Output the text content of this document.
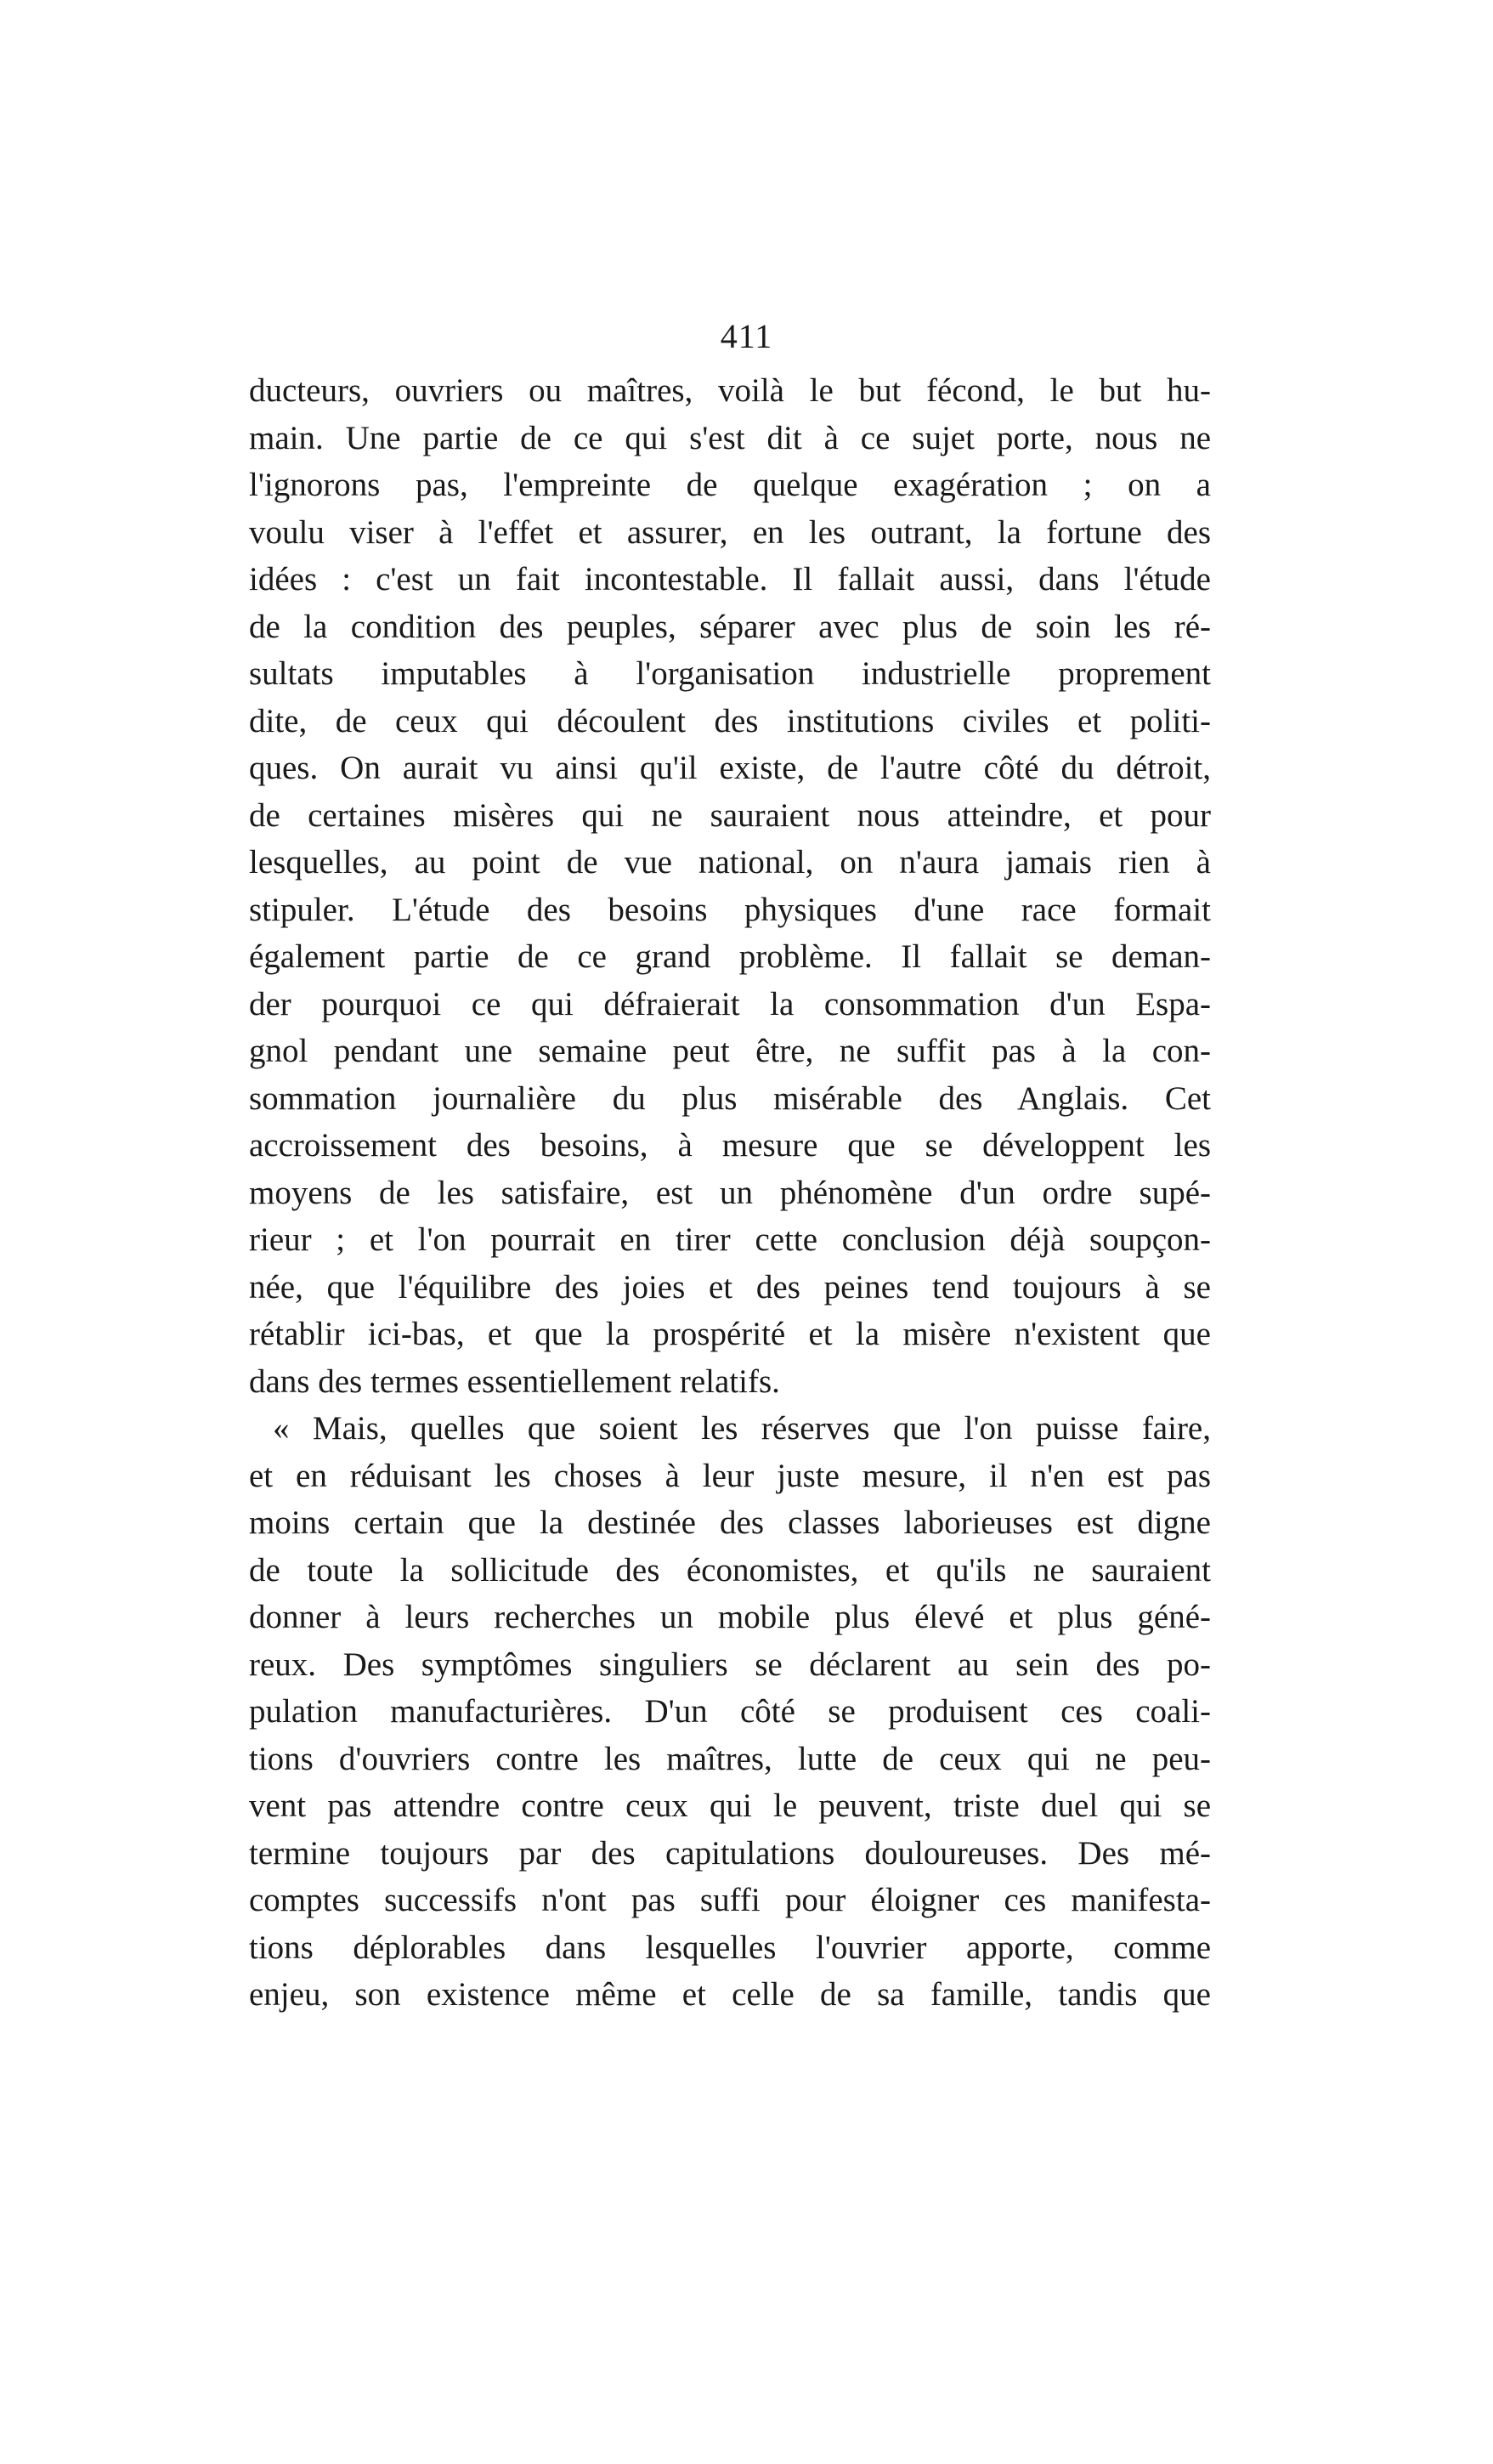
411

ducteurs, ouvriers ou maîtres, voilà le but fécond, le but hu-
main. Une partie de ce qui s'est dit à ce sujet porte, nous ne
l'ignorons pas, l'empreinte de quelque exagération ; on a
voulu viser à l'effet et assurer, en les outrant, la fortune des
idées : c'est un fait incontestable. Il fallait aussi, dans l'étude
de la condition des peuples, séparer avec plus de soin les ré-
sultats imputables à l'organisation industrielle proprement
dite, de ceux qui découlent des institutions civiles et politi-
ques. On aurait vu ainsi qu'il existe, de l'autre côté du détroit,
de certaines misères qui ne sauraient nous atteindre, et pour
lesquelles, au point de vue national, on n'aura jamais rien à
stipuler. L'étude des besoins physiques d'une race formait
également partie de ce grand problème. Il fallait se deman-
der pourquoi ce qui défraierait la consommation d'un Espa-
gnol pendant une semaine peut être, ne suffit pas à la con-
sommation journalière du plus misérable des Anglais. Cet
accroissement des besoins, à mesure que se développent les
moyens de les satisfaire, est un phénomène d'un ordre supé-
rieur ; et l'on pourrait en tirer cette conclusion déjà soupçon-
née, que l'équilibre des joies et des peines tend toujours à se
rétablir ici-bas, et que la prospérité et la misère n'existent que
dans des termes essentiellement relatifs.

« Mais, quelles que soient les réserves que l'on puisse faire,
et en réduisant les choses à leur juste mesure, il n'en est pas
moins certain que la destinée des classes laborieuses est digne
de toute la sollicitude des économistes, et qu'ils ne sauraient
donner à leurs recherches un mobile plus élevé et plus géné-
reux. Des symptômes singuliers se déclarent au sein des po-
pulation manufacturières. D'un côté se produisent ces coali-
tions d'ouvriers contre les maîtres, lutte de ceux qui ne peu-
vent pas attendre contre ceux qui le peuvent, triste duel qui se
termine toujours par des capitulations douloureuses. Des mé-
comptes successifs n'ont pas suffi pour éloigner ces manifesta-
tions déplorables dans lesquelles l'ouvrier apporte, comme
enjeu, son existence même et celle de sa famille, tandis que
